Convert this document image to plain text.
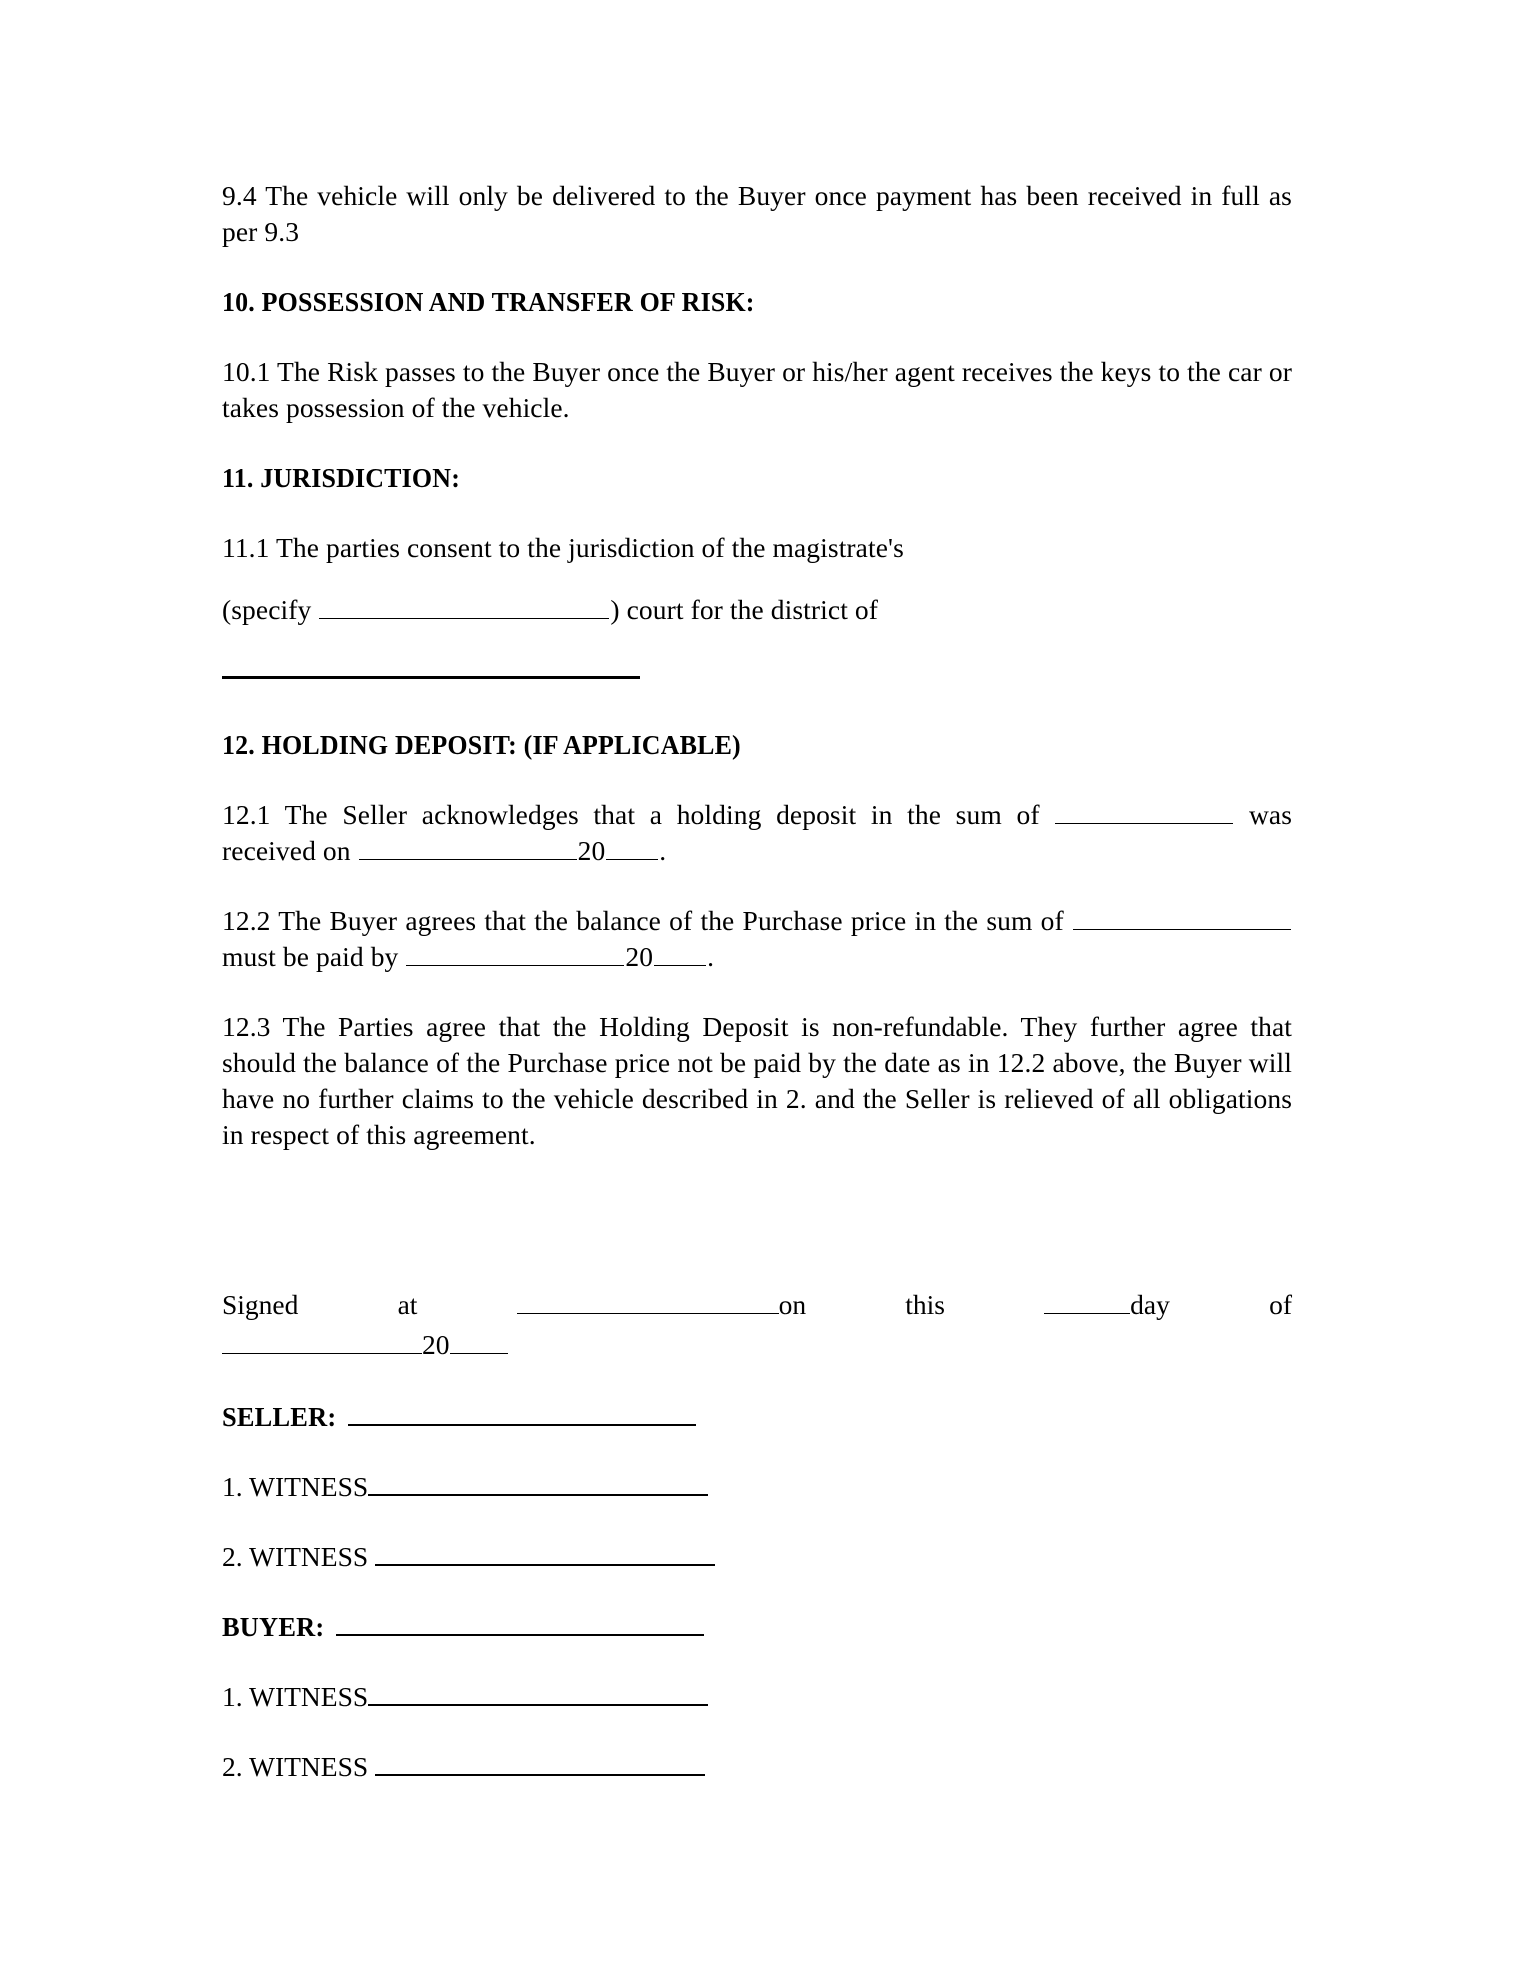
9.4 The vehicle will only be delivered to the Buyer once payment has been received in full as per 9.3

10. POSSESSION AND TRANSFER OF RISK:

10.1 The Risk passes to the Buyer once the Buyer or his/her agent receives the keys to the car or takes possession of the vehicle.

11. JURISDICTION:

11.1 The parties consent to the jurisdiction of the magistrate's

(specify	) court for the district of

12. HOLDING DEPOSIT: (IF APPLICABLE)

12.1 The Seller acknowledges that a holding deposit in the sum of	was received on	20 .

12.2 The Buyer agrees that the balance of the Purchase price in the sum of  must be paid by	20 .

12.3 The Parties agree that the Holding Deposit is non-refundable. They further agree that should the balance of the Purchase price not be paid by the date as in 12.2 above, the Buyer will have no further claims to the vehicle described in 2. and the Seller is relieved of all obligations in respect of this agreement.

Signed	at	on	this	day	of
20
SELLER:
1. WITNESS
2. WITNESS
BUYER:
1. WITNESS
2. WITNESS
